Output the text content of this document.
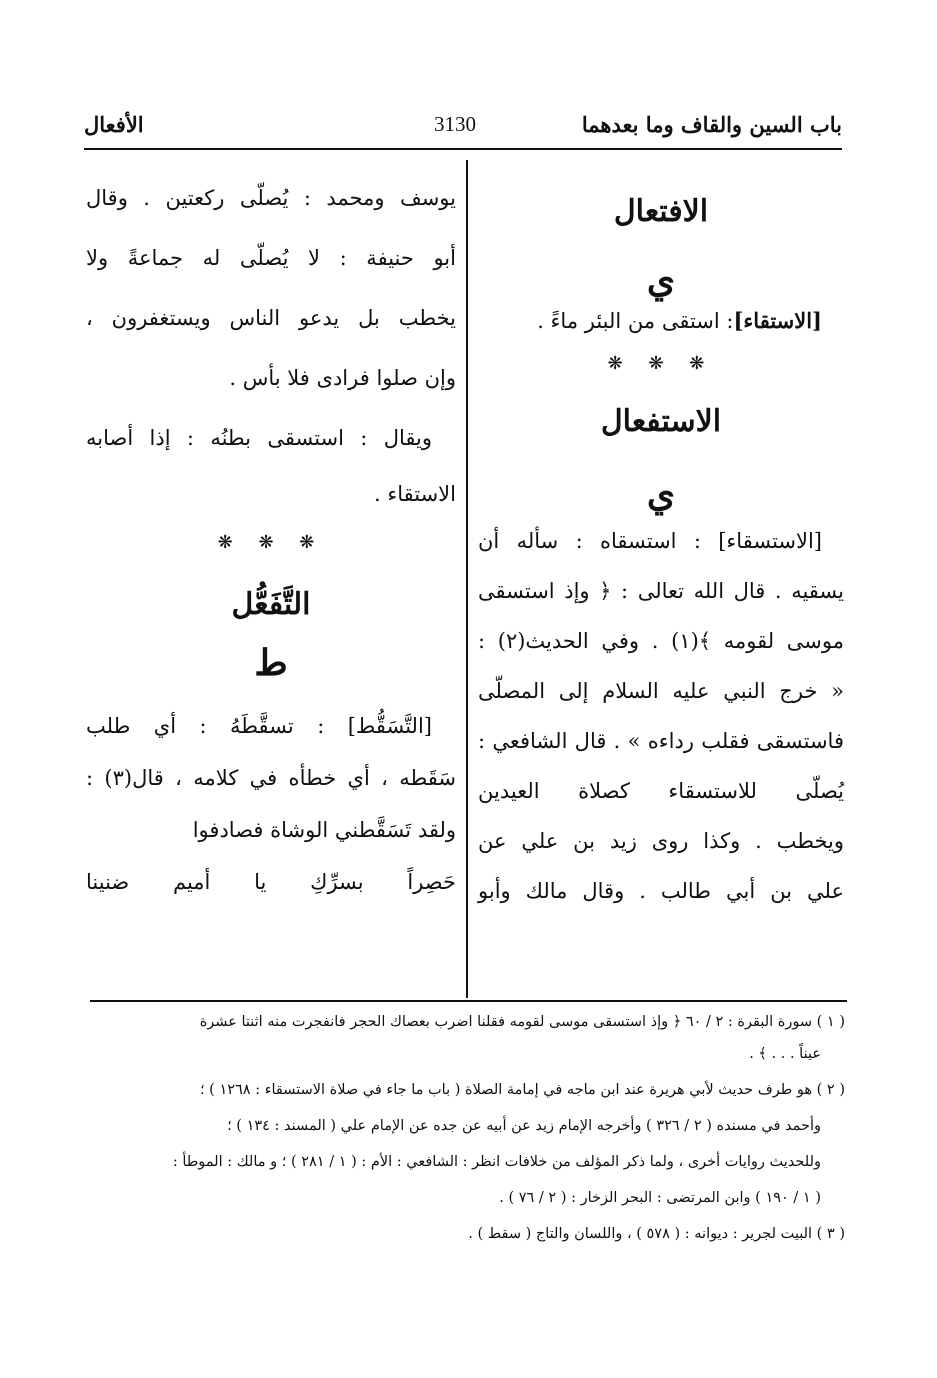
باب السين والقاف وما بعدهما
3130
الأفعال
الافتعال
ي
[الاستقاء]: استقى من البئر ماءً .
❋ ❋ ❋
الاستفعال
ي
[الاستسقاء] : استسقاه : سأله أن
يسقيه . قال الله تعالى : ﴿ وإذ استسقى
موسى لقومه ﴾(١) . وفي الحديث(٢) :
« خرج النبي عليه السلام إلى المصلّى
فاستسقى فقلب رداءه » . قال الشافعي :
يُصلّى للاستسقاء كصلاة العيدين
ويخطب . وكذا روى زيد بن علي عن
علي بن أبي طالب . وقال مالك وأبو
يوسف ومحمد : يُصلّى ركعتين . وقال
أبو حنيفة : لا يُصلّى له جماعةً ولا
يخطب بل يدعو الناس ويستغفرون ،
وإن صلوا فرادى فلا بأس .
ويقال : استسقى بطنُه : إذا أصابه
الاستقاء .
❋ ❋ ❋
التَّفَعُّل
ط
[التَّسَقُّط] : تسقَّطَهُ : أي طلب
سَقَطه ، أي خطأه في كلامه ، قال(٣) :
ولقد تَسَقَّطني الوشاة فصادفوا
حَصِراً بسرِّكِ يا أميم ضنينا
( ١ ) سورة البقرة : ٢ / ٦٠ ﴿ وإذ استسقى موسى لقومه فقلنا اضرب بعصاك الحجر فانفجرت منه اثنتا عشرة
عيناً . . . ﴾ .
( ٢ ) هو طرف حديث لأبي هريرة عند ابن ماجه في إمامة الصلاة ( باب ما جاء في صلاة الاستسقاء : ١٢٦٨ ) ؛
وأحمد في مسنده ( ٢ / ٣٢٦ ) وأخرجه الإمام زيد عن أبيه عن جده عن الإمام علي ( المسند : ١٣٤ ) ؛
وللحديث روايات أخرى ، ولما ذكر المؤلف من خلافات انظر : الشافعي : الأم : ( ١ / ٢٨١ ) ؛ و مالك : الموطأ :
( ١ / ١٩٠ ) وابن المرتضى : البحر الزخار : ( ٢ / ٧٦ ) .
( ٣ ) البيت لجرير : ديوانه : ( ٥٧٨ ) ، واللسان والتاج ( سقط ) .
